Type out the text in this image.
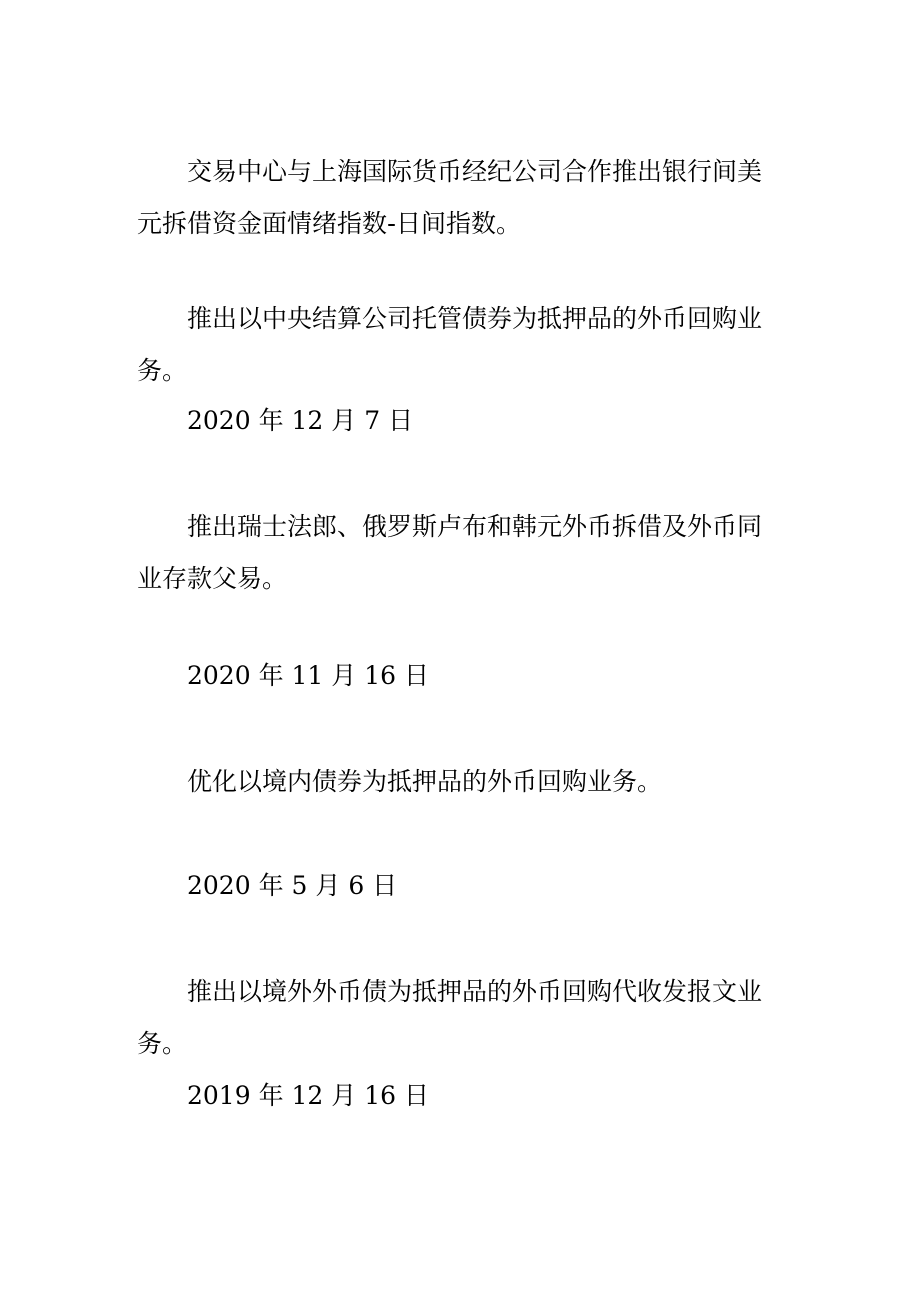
交易中心与上海国际货币经纪公司合作推出银行间美元拆借资金面情绪指数-日间指数。

推出以中央结算公司托管债券为抵押品的外币回购业务。

2020 年 12 月 7 日

推出瑞士法郎、俄罗斯卢布和韩元外币拆借及外币同业存款父易。

2020 年 11 月 16 日

优化以境内债券为抵押品的外币回购业务。

2020 年 5 月 6 日

推出以境外外币债为抵押品的外币回购代收发报文业务。

2019 年 12 月 16 日
